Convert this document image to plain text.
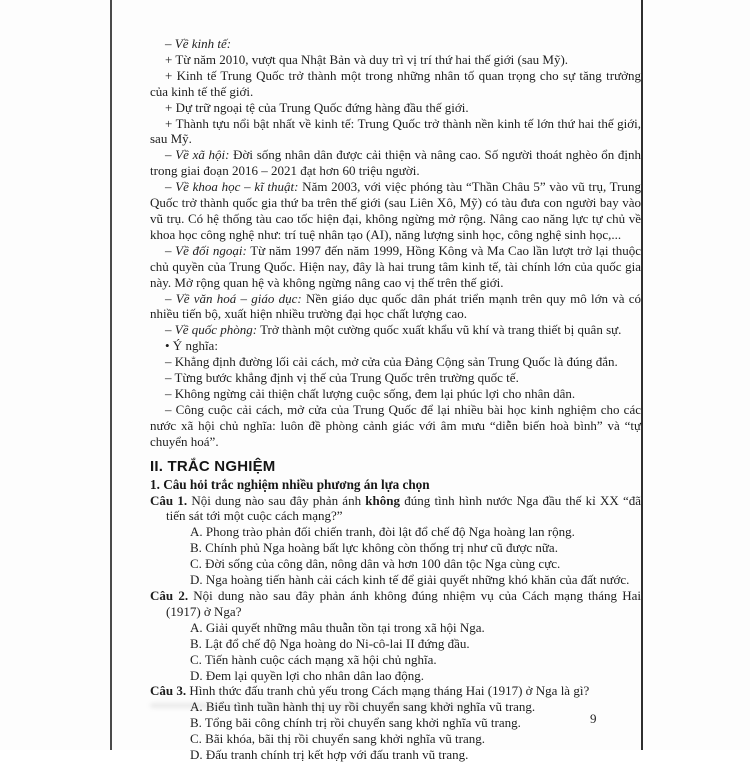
– Về kinh tế:

+ Từ năm 2010, vượt qua Nhật Bản và duy trì vị trí thứ hai thế giới (sau Mỹ).

+ Kinh tế Trung Quốc trở thành một trong những nhân tố quan trọng cho sự tăng trưởng của kinh tế thế giới.

+ Dự trữ ngoại tệ của Trung Quốc đứng hàng đầu thế giới.

+ Thành tựu nổi bật nhất về kinh tế: Trung Quốc trở thành nền kinh tế lớn thứ hai thế giới, sau Mỹ.

– Về xã hội: Đời sống nhân dân được cải thiện và nâng cao. Số người thoát nghèo ổn định trong giai đoạn 2016 – 2021 đạt hơn 60 triệu người.

– Về khoa học – kĩ thuật: Năm 2003, với việc phóng tàu “Thần Châu 5” vào vũ trụ, Trung Quốc trở thành quốc gia thứ ba trên thế giới (sau Liên Xô, Mỹ) có tàu đưa con người bay vào vũ trụ. Có hệ thống tàu cao tốc hiện đại, không ngừng mở rộng. Nâng cao năng lực tự chủ về khoa học công nghệ như: trí tuệ nhân tạo (AI), năng lượng sinh học, công nghệ sinh học,...

– Về đối ngoại: Từ năm 1997 đến năm 1999, Hồng Kông và Ma Cao lần lượt trở lại thuộc chủ quyền của Trung Quốc. Hiện nay, đây là hai trung tâm kinh tế, tài chính lớn của quốc gia này. Mở rộng quan hệ và không ngừng nâng cao vị thế trên thế giới.

– Về văn hoá – giáo dục: Nền giáo dục quốc dân phát triển mạnh trên quy mô lớn và có nhiều tiến bộ, xuất hiện nhiều trường đại học chất lượng cao.

– Về quốc phòng: Trở thành một cường quốc xuất khẩu vũ khí và trang thiết bị quân sự.

• Ý nghĩa:

– Khẳng định đường lối cải cách, mở cửa của Đảng Cộng sản Trung Quốc là đúng đắn.

– Từng bước khẳng định vị thế của Trung Quốc trên trường quốc tế.

– Không ngừng cải thiện chất lượng cuộc sống, đem lại phúc lợi cho nhân dân.

– Công cuộc cải cách, mở cửa của Trung Quốc để lại nhiều bài học kinh nghiệm cho các nước xã hội chủ nghĩa: luôn đề phòng cảnh giác với âm mưu “diễn biến hoà bình” và “tự chuyển hoá”.

II. TRẮC NGHIỆM

1. Câu hỏi trắc nghiệm nhiều phương án lựa chọn

Câu 1. Nội dung nào sau đây phản ánh không đúng tình hình nước Nga đầu thế kỉ XX “đã tiến sát tới một cuộc cách mạng?”

A. Phong trào phản đối chiến tranh, đòi lật đổ chế độ Nga hoàng lan rộng.

B. Chính phủ Nga hoàng bất lực không còn thống trị như cũ được nữa.

C. Đời sống của công dân, nông dân và hơn 100 dân tộc Nga cùng cực.

D. Nga hoàng tiến hành cải cách kinh tế để giải quyết những khó khăn của đất nước.

Câu 2. Nội dung nào sau đây phản ánh không đúng nhiệm vụ của Cách mạng tháng Hai (1917) ở Nga?

A. Giải quyết những mâu thuẫn tồn tại trong xã hội Nga.

B. Lật đổ chế độ Nga hoàng do Ni-cô-lai II đứng đầu.

C. Tiến hành cuộc cách mạng xã hội chủ nghĩa.

D. Đem lại quyền lợi cho nhân dân lao động.

Câu 3. Hình thức đấu tranh chủ yếu trong Cách mạng tháng Hai (1917) ở Nga là gì?

A. Biểu tình tuần hành thị uy rồi chuyển sang khởi nghĩa vũ trang.

B. Tổng bãi công chính trị rồi chuyển sang khởi nghĩa vũ trang.

C. Bãi khóa, bãi thị rồi chuyển sang khởi nghĩa vũ trang.

D. Đấu tranh chính trị kết hợp với đấu tranh vũ trang.

9
